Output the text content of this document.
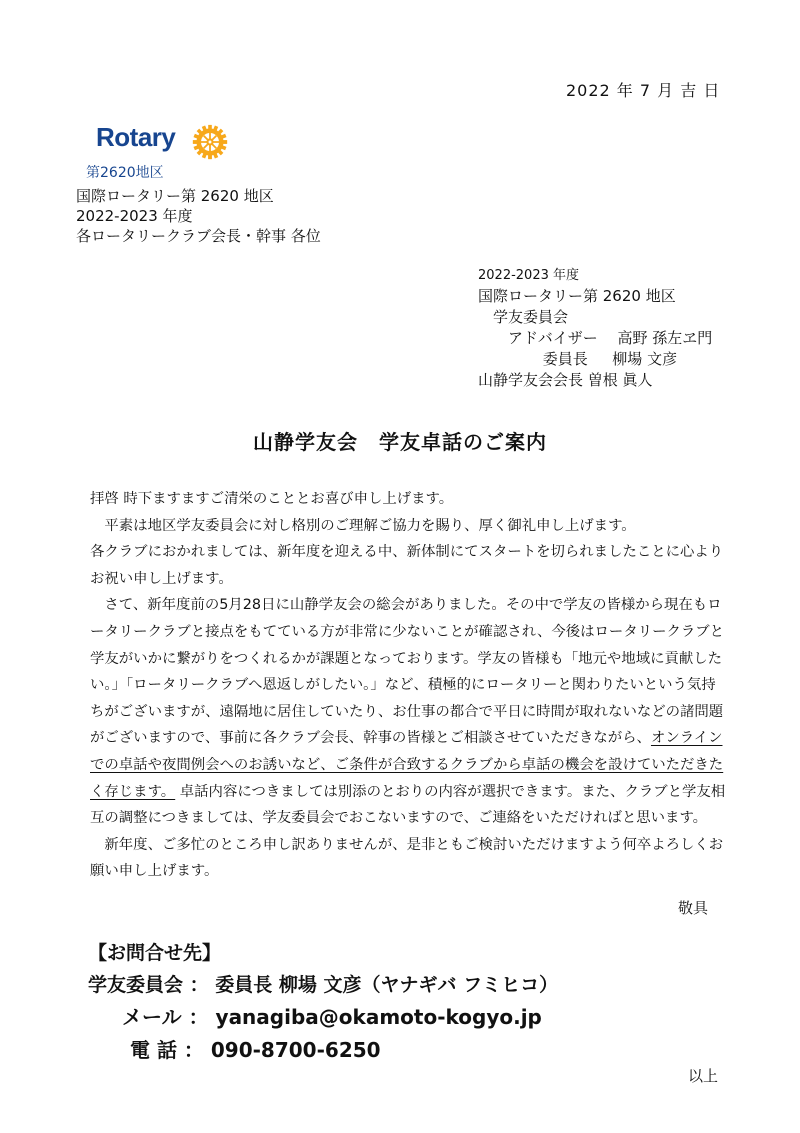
2022 年 7 月 吉 日
Rotary
第2620地区
国際ロータリー第 2620 地区
2022-2023 年度
各ロータリークラブ会長・幹事 各位
2022-2023 年度
国際ロータリー第 2620 地区
　学友委員会
　　アドバイザー　 高野 孫左ヱ門
　　　　 委員長 　 柳場 文彦
山静学友会会長 曽根 眞人
山静学友会　学友卓話のご案内

拝啓 時下ますますご清栄のこととお喜び申し上げます。

平素は地区学友委員会に対し格別のご理解ご協力を賜り、厚く御礼申し上げます。

各クラブにおかれましては、新年度を迎える中、新体制にてスタートを切られましたことに心よりお祝い申し上げます。

さて、新年度前の5月28日に山静学友会の総会がありました。その中で学友の皆様から現在もロータリークラブと接点をもてている方が非常に少ないことが確認され、今後はロータリークラブと学友がいかに繋がりをつくれるかが課題となっております。学友の皆様も「地元や地域に貢献したい。」「ロータリークラブへ恩返しがしたい。」など、積極的にロータリーと関わりたいという気持ちがございますが、遠隔地に居住していたり、お仕事の都合で平日に時間が取れないなどの諸問題がございますので、事前に各クラブ会長、幹事の皆様とご相談させていただきながら、オンラインでの卓話や夜間例会へのお誘いなど、ご条件が合致するクラブから卓話の機会を設けていただきたく存じます。 卓話内容につきましては別添のとおりの内容が選択できます。また、クラブと学友相互の調整につきましては、学友委員会でおこないますので、ご連絡をいただければと思います。

新年度、ご多忙のところ申し訳ありませんが、是非ともご検討いただけますよう何卒よろしくお願い申し上げます。

敬具
【お問合せ先】
学友委員会 ： 委員長 柳場 文彦（ヤナギバ フミヒコ）
メール ： yanagiba@okamoto-kogyo.jp
電 話 ： 090-8700-6250
以上
